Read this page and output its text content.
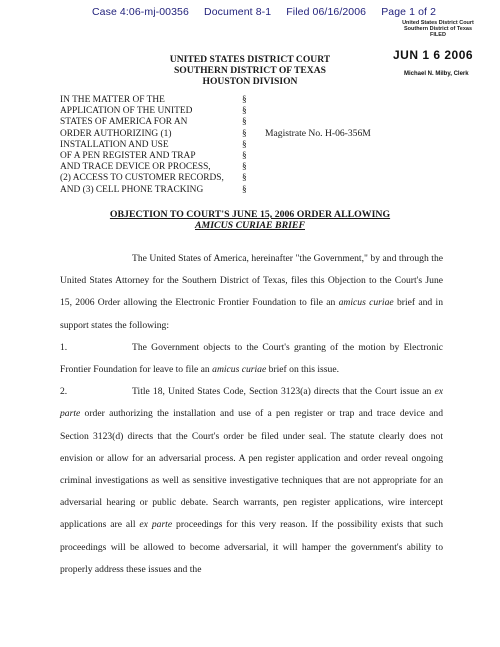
Case 4:06-mj-00356 Document 8-1 Filed 06/16/2006 Page 1 of 2
United States District Court
Southern District of Texas
FILED
JUN 1 6 2006
Michael N. Milby, Clerk
UNITED STATES DISTRICT COURT
SOUTHERN DISTRICT OF TEXAS
HOUSTON DIVISION
IN THE MATTER OF THE
APPLICATION OF THE UNITED
STATES OF AMERICA FOR AN
ORDER AUTHORIZING (1)
INSTALLATION AND USE
OF A PEN REGISTER AND TRAP
AND TRACE DEVICE OR PROCESS,
(2) ACCESS TO CUSTOMER RECORDS,
AND (3) CELL PHONE TRACKING
§
§
§
§
§
§
§
§
§
Magistrate No. H-06-356M
OBJECTION TO COURT'S JUNE 15, 2006 ORDER ALLOWING
AMICUS CURIAE BRIEF

The United States of America, hereinafter "the Government," by and through the United States Attorney for the Southern District of Texas, files this Objection to the Court's June 15, 2006 Order allowing the Electronic Frontier Foundation to file an amicus curiae brief and in support states the following:

1.	The Government objects to the Court's granting of the motion by Electronic Frontier Foundation for leave to file an amicus curiae brief on this issue.

2.	Title 18, United States Code, Section 3123(a) directs that the Court issue an ex parte order authorizing the installation and use of a pen register or trap and trace device and Section 3123(d) directs that the Court's order be filed under seal. The statute clearly does not envision or allow for an adversarial process. A pen register application and order reveal ongoing criminal investigations as well as sensitive investigative techniques that are not appropriate for an adversarial hearing or public debate. Search warrants, pen register applications, wire intercept applications are all ex parte proceedings for this very reason. If the possibility exists that such proceedings will be allowed to become adversarial, it will hamper the government's ability to properly address these issues and the
